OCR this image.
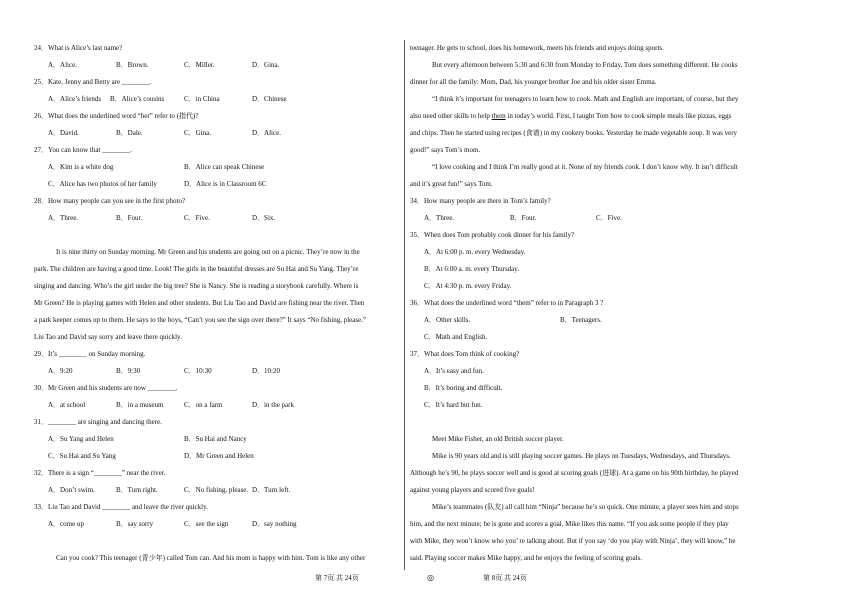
24．What is Alice’s last name?
A．Alice.	B．Brown.	C．Miller.	D．Gina.
25．Kate, Jenny and Betty are ________.
A．Alice’s friends B．Alice’s cousins	C．in China	D．Chinese
26．What does the underlined word “her” refer to (指代)?
A．David.	B．Dale.	C．Gina.	D．Alice.
27．You can know that ________.
A．Kim is a white dog	B．Alice can speak Chinese
C．Alice has two photos of her family	D．Alice is in Classroom 6C
28．How many people can you see in the first photo?
A．Three.	B．Four.	C．Five.	D．Six.
It is nine thirty on Sunday morning. Mr Green and his students are going out on a picnic. They’re now in the
park. The children are having a good time. Look! The girls in the beautiful dresses are Su Hai and Su Yang. They’re
singing and dancing. Who’s the girl under the big tree? She is Nancy. She is reading a storybook carefully. Where is
Mr Green? He is playing games with Helen and other students. But Liu Tao and David are fishing near the river. Then
a park keeper comes up to them. He says to the boys, “Can’t you see the sign over there?” It says “No fishing, please.”
Liu Tao and David say sorry and leave there quickly.
29．It’s ________ on Sunday morning.
A．9:20	B．9:30	C．10:30	D．10:20
30．Mr Green and his students are now ________.
A．at school	B．in a museum	C．on a farm	D．in the park
31．________ are singing and dancing there.
A．Su Yang and Helen	B．Su Hai and Nancy
C．Su Hai and Su Yang	D．Mr Green and Helen
32．There is a sign “________” near the river.
A．Don’t swim.	B．Turn right.	C．No fishing, please. D．Turn left.
33．Liu Tao and David ________ and leave the river quickly.
A．come up	B．say sorry	C．see the sign	D．say nothing
Can you cook? This teenager (青少年) called Tom can. And his mom is happy with him. Tom is like any other
teenager. He gets to school, does his homework, meets his friends and enjoys doing sports.
But every afternoon between 5:30 and 6:30 from Monday to Friday, Tom does something different. He cooks
dinner for all the family: Mom, Dad, his younger brother Joe and his older sister Emma.
“I think it’s important for teenagers to learn how to cook. Math and English are important, of course, but they
also need other skills to help them in today’s world. First, I taught Tom how to cook simple meals like pizzas, eggs
and chips. Then he started using recipes (食谱) in my cookery books. Yesterday he made vegetable soup. It was very
good!” says Tom’s mom.
“I love cooking and I think I’m really good at it. None of my friends cook. I don’t know why. It isn’t difficult
and it’s great fun!” says Tom.
34．How many people are there in Tom’s family?
A．Three.	B．Four.	C．Five.
35．When does Tom probably cook dinner for his family?
A．At 6:00 p. m. every Wednesday.
B．At 6:00 a. m. every Thursday.
C．At 4:30 p. m. every Friday.
36．What does the underlined word “them” refer to in Paragraph 3 ?
A．Other skills.	B．Teenagers.
C．Math and English.
37．What does Tom think of cooking?
A．It’s easy and fun.
B．It’s boring and difficult.
C．It’s hard but fun.
Meet Mike Fisher, an old British soccer player.
Mike is 90 years old and is still playing soccer games. He plays on Tuesdays, Wednesdays, and Thursdays.
Although he’s 90, he plays soccer well and is good at scoring goals (进球). At a game on his 90th birthday, he played
against young players and scored five goals!
Mike’s teammates (队友) all call him “Ninja” because he’s so quick. One minute, a player sees him and stops
him, and the next minute; he is gone and scores a goal. Mike likes this name. “If you ask some people if they play
with Mike, they won’t know who you’ re talking about. But if you say ‘do you play with Ninja’, they will know,” he
said. Playing soccer makes Mike happy, and he enjoys the feeling of scoring goals.
第 7页 共 24页	◎	第 8页 共 24页
